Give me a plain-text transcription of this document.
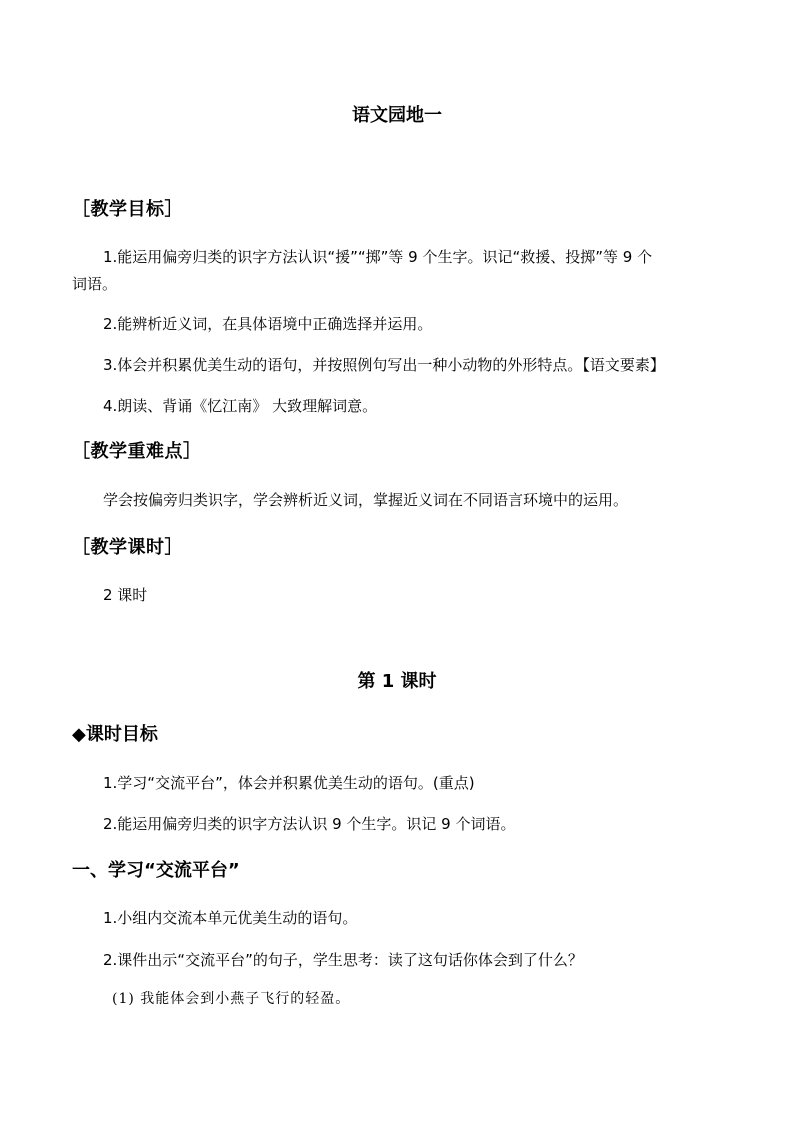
语文园地一
［教学目标］
1.能运用偏旁归类的识字方法认识“援”“掷”等 9 个生字。识记“救援、投掷”等 9 个
词语。
2.能辨析近义词，在具体语境中正确选择并运用。
3.体会并积累优美生动的语句，并按照例句写出一种小动物的外形特点。【语文要素】
4.朗读、背诵《忆江南》 大致理解词意。
［教学重难点］
学会按偏旁归类识字，学会辨析近义词，掌握近义词在不同语言环境中的运用。
［教学课时］
2 课时
第 1 课时
◆课时目标
1.学习“交流平台”，体会并积累优美生动的语句。(重点)
2.能运用偏旁归类的识字方法认识 9 个生字。识记 9 个词语。
一、学习“交流平台”
1.小组内交流本单元优美生动的语句。
2.课件出示“交流平台”的句子，学生思考：读了这句话你体会到了什么？
(1) 我能体会到小燕子飞行的轻盈。
